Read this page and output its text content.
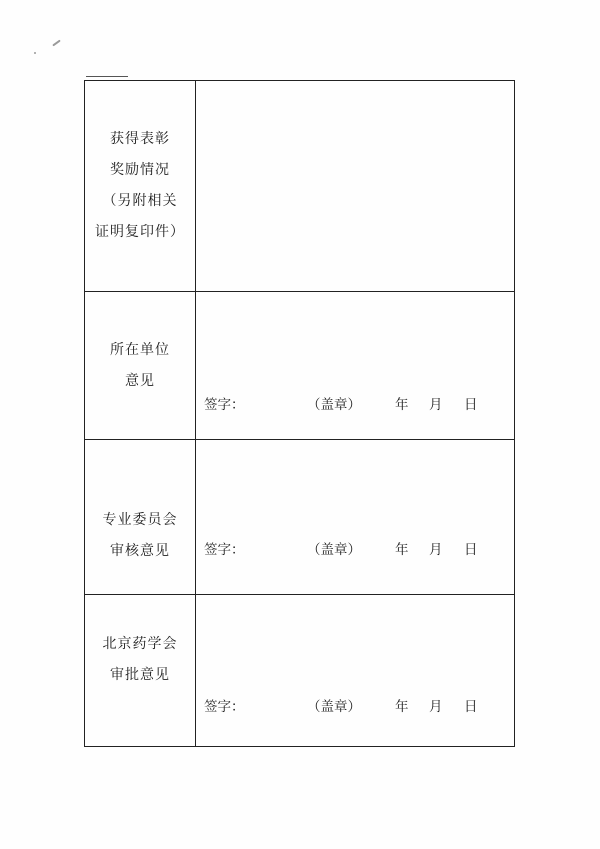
获得表彰
奖励情况
（另附相关
证明复印件）	

所在单位
意见	签字： （盖章） 年 月 日

专业委员会
审核意见	签字： （盖章） 年 月 日

北京药学会
审批意见	签字： （盖章） 年 月 日
